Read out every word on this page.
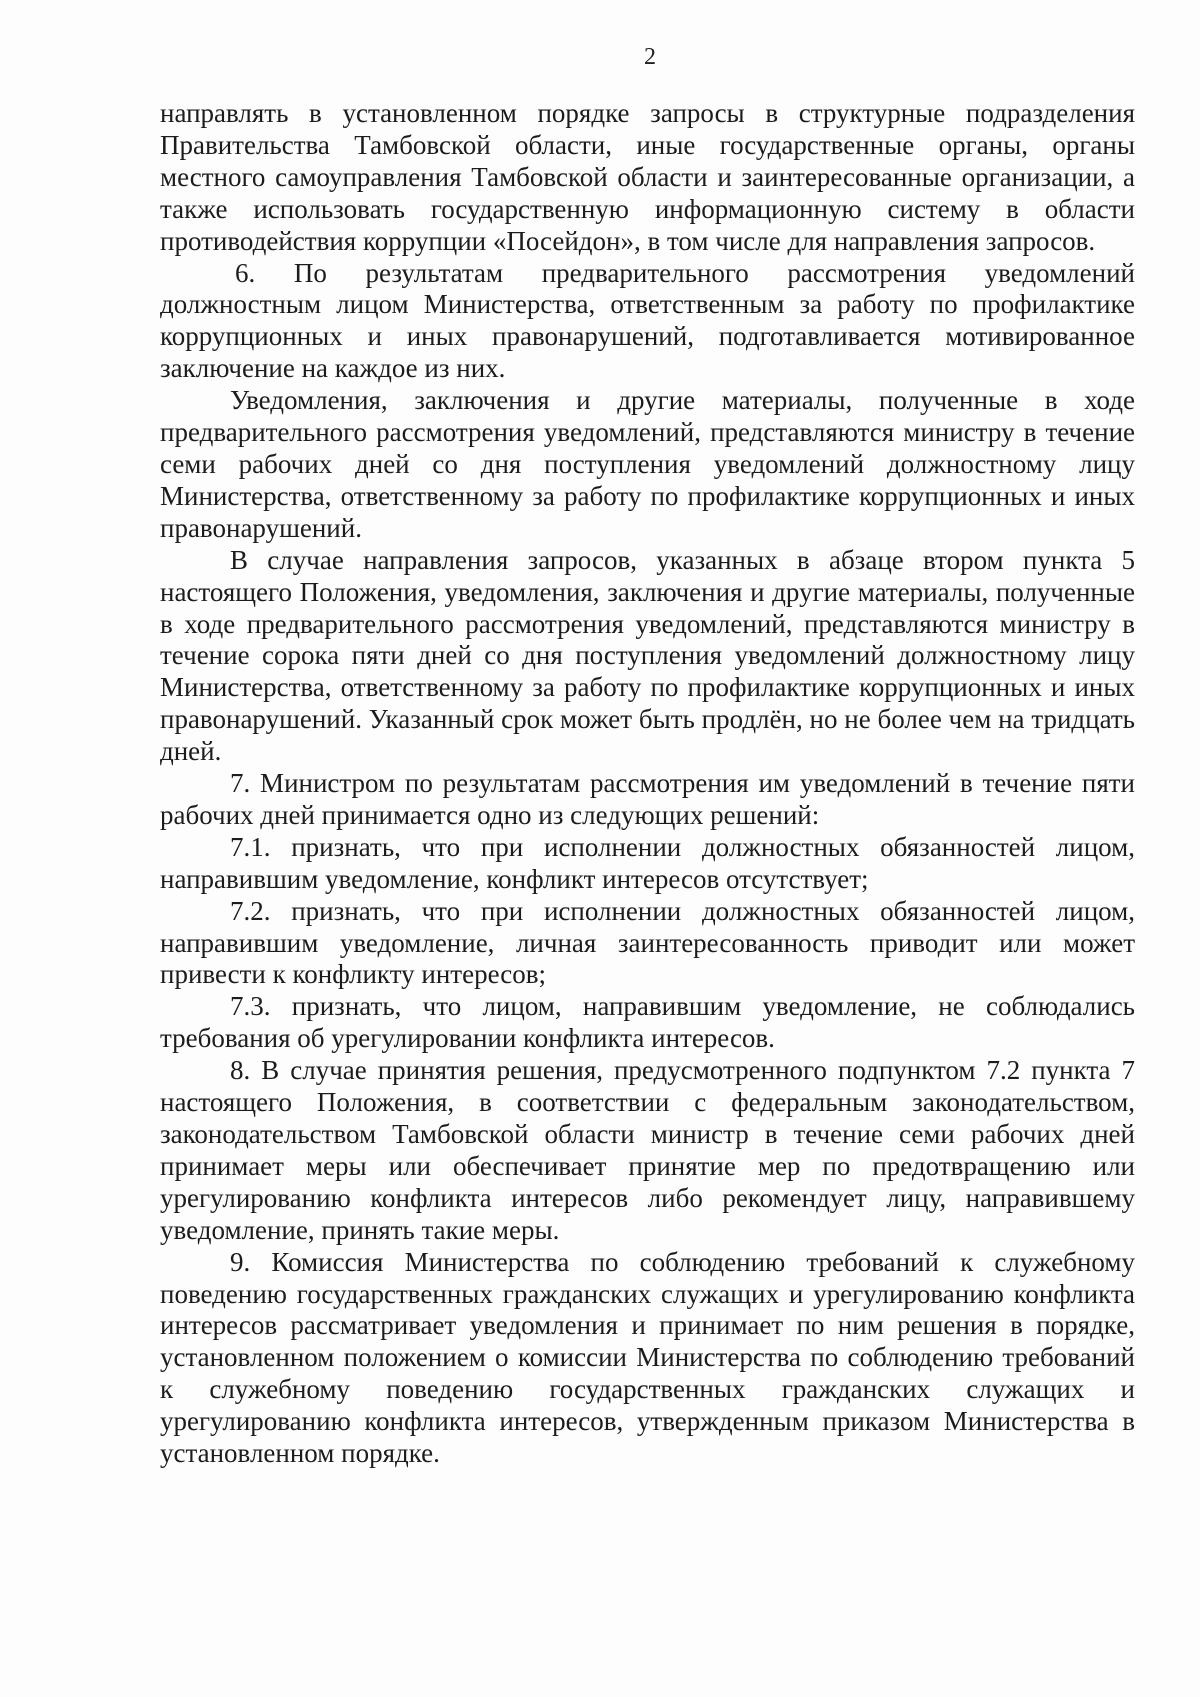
2

направлять в установленном порядке запросы в структурные подразделения Правительства Тамбовской области, иные государственные органы, органы местного самоуправления Тамбовской области и заинтересованные организации, а также использовать государственную информационную систему в области противодействия коррупции «Посейдон», в том числе для направления запросов.

6. По результатам предварительного рассмотрения уведомлений должностным лицом Министерства, ответственным за работу по профилактике коррупционных и иных правонарушений, подготавливается мотивированное заключение на каждое из них.

Уведомления, заключения и другие материалы, полученные в ходе предварительного рассмотрения уведомлений, представляются министру в течение семи рабочих дней со дня поступления уведомлений должностному лицу Министерства, ответственному за работу по профилактике коррупционных и иных правонарушений.

В случае направления запросов, указанных в абзаце втором пункта 5 настоящего Положения, уведомления, заключения и другие материалы, полученные в ходе предварительного рассмотрения уведомлений, представляются министру в течение сорока пяти дней со дня поступления уведомлений должностному лицу Министерства, ответственному за работу по профилактике коррупционных и иных правонарушений. Указанный срок может быть продлён, но не более чем на тридцать дней.

7. Министром по результатам рассмотрения им уведомлений в течение пяти рабочих дней принимается одно из следующих решений:

7.1. признать, что при исполнении должностных обязанностей лицом, направившим уведомление, конфликт интересов отсутствует;

7.2. признать, что при исполнении должностных обязанностей лицом, направившим уведомление, личная заинтересованность приводит или может привести к конфликту интересов;

7.3. признать, что лицом, направившим уведомление, не соблюдались требования об урегулировании конфликта интересов.

8. В случае принятия решения, предусмотренного подпунктом 7.2 пункта 7 настоящего Положения, в соответствии с федеральным законодательством, законодательством Тамбовской области министр в течение семи рабочих дней принимает меры или обеспечивает принятие мер по предотвращению или урегулированию конфликта интересов либо рекомендует лицу, направившему уведомление, принять такие меры.

9. Комиссия Министерства по соблюдению требований к служебному поведению государственных гражданских служащих и урегулированию конфликта интересов рассматривает уведомления и принимает по ним решения в порядке, установленном положением о комиссии Министерства по соблюдению требований к служебному поведению государственных гражданских служащих и урегулированию конфликта интересов, утвержденным приказом Министерства в установленном порядке.
